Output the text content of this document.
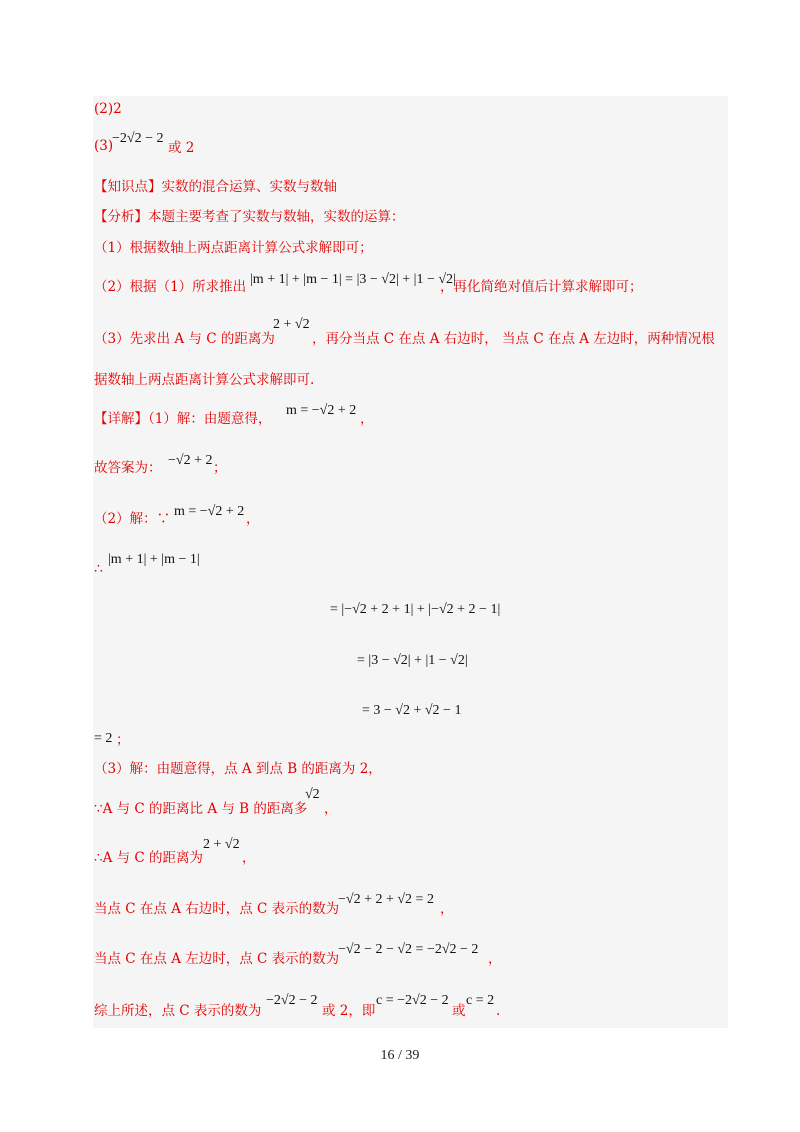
(2)2
(3)
−2√2 − 2
或 2
【知识点】实数的混合运算、实数与数轴
【分析】本题主要考查了实数与数轴，实数的运算：
（1）根据数轴上两点距离计算公式求解即可；
（2）根据（1）所求推出 |m + 1| + |m − 1| = |3 − √2| + |1 − √2|
，再化简绝对值后计算求解即可；
（3）先求出 A 与 C 的距离为
2 + √2
，再分当点 C 在点 A 右边时， 当点 C 在点 A 左边时，两种情况根
据数轴上两点距离计算公式求解即可.
【详解】（1）解：由题意得，
m = −√2 + 2
，
故答案为： −√2 + 2 ；
（2）解：∵ m = −√2 + 2 ，
∴
|m + 1| + |m − 1|
= |−√2 + 2 + 1| + |−√2 + 2 − 1|
= |3 − √2| + |1 − √2|
= 3 − √2 + √2 − 1
= 2 ；
（3）解：由题意得，点 A 到点 B 的距离为 2，
∵A 与 C 的距离比 A 与 B 的距离多
√2
，
∴A 与 C 的距离为
2 + √2
，
当点 C 在点 A 右边时，点 C 表示的数为
−√2 + 2 + √2 = 2
，
当点 C 在点 A 左边时，点 C 表示的数为
−√2 − 2 − √2 = −2√2 − 2
，
综上所述，点 C 表示的数为
−2√2 − 2
或 2，即
c = −2√2 − 2
或
c = 2
.
16 / 39
